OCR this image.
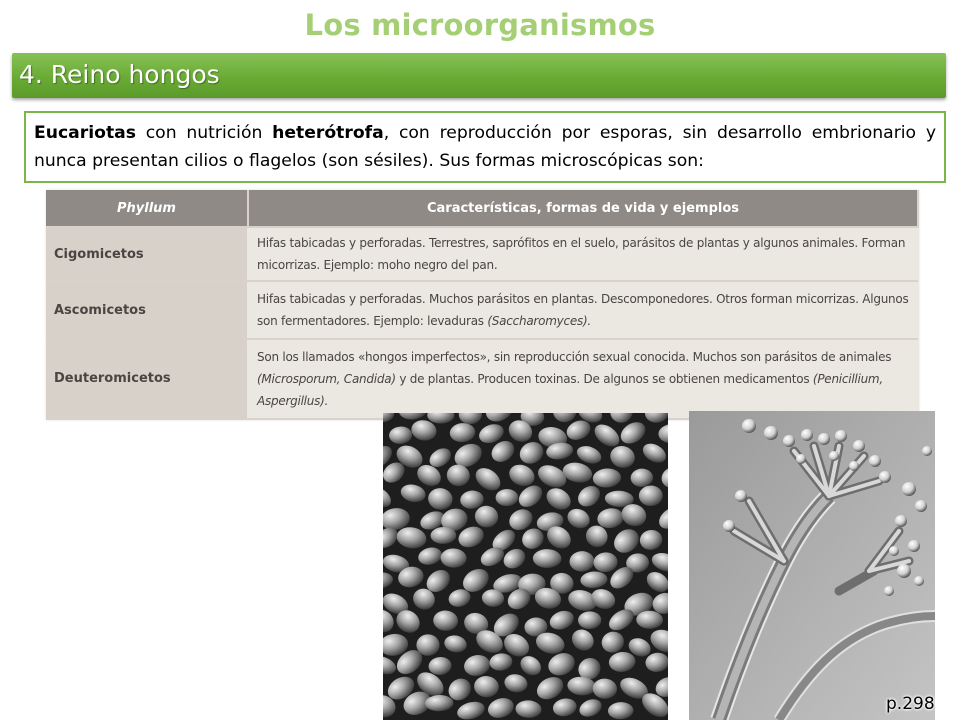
Los microorganismos
4. Reino hongos
Eucariotas con nutrición heterótrofa, con reproducción por esporas, sin desarrollo embrionario y nunca presentan cilios o flagelos (son sésiles). Sus formas microscópicas son:
Phyllum	Características, formas de vida y ejemplos
Cigomicetos	Hifas tabicadas y perforadas. Terrestres, saprófitos en el suelo, parásitos de plantas y algunos animales. Forman micorrizas. Ejemplo: moho negro del pan.
Ascomicetos	Hifas tabicadas y perforadas. Muchos parásitos en plantas. Descomponedores. Otros forman micorrizas. Algunos son fermentadores. Ejemplo: levaduras (Saccharomyces).
Deuteromicetos	Son los llamados «hongos imperfectos», sin reproducción sexual conocida. Muchos son parásitos de animales (Microsporum, Candida) y de plantas. Producen toxinas. De algunos se obtienen medicamentos (Penicillium, Aspergillus).
p.298
